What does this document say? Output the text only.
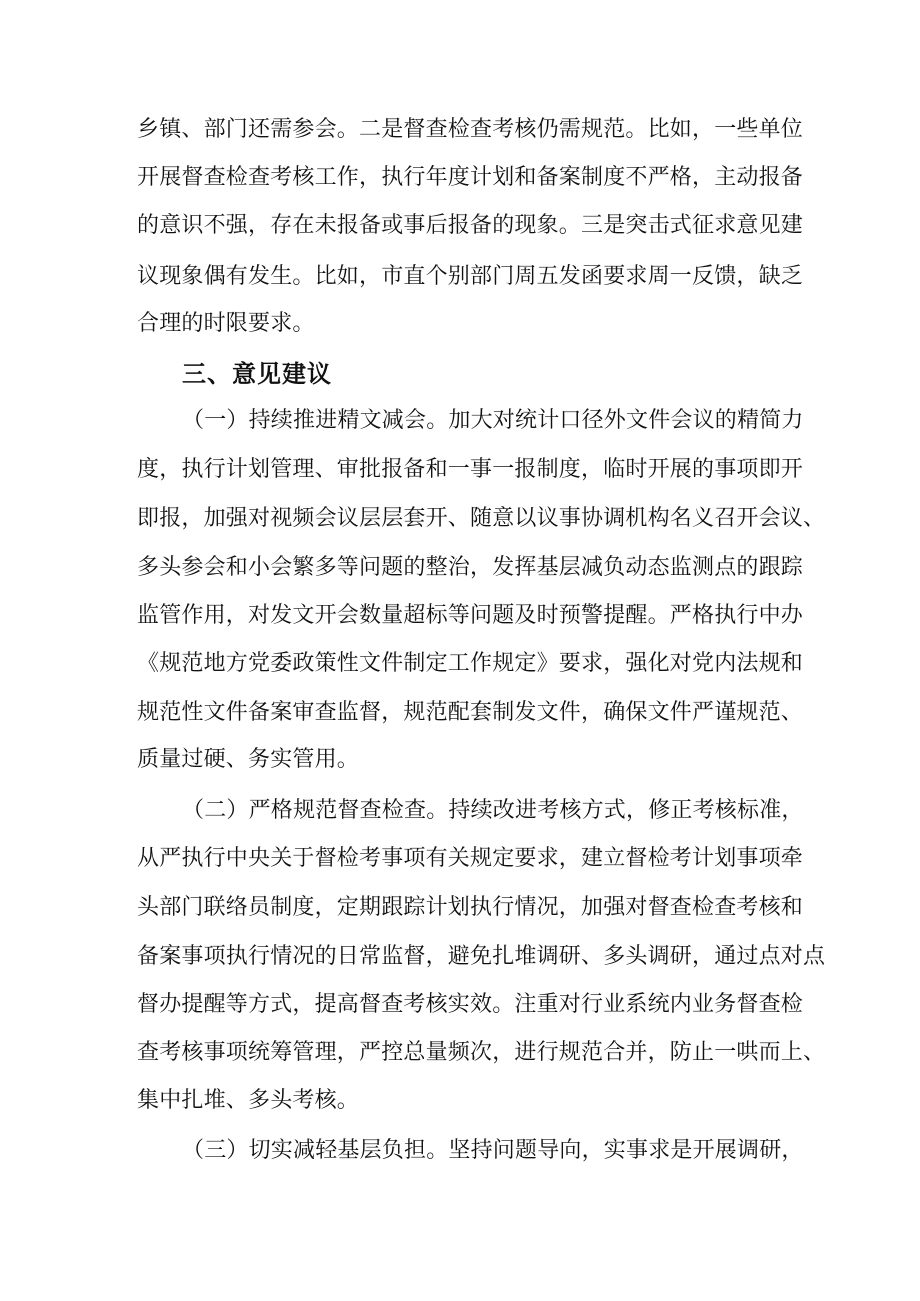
乡镇、部门还需参会。二是督查检查考核仍需规范。比如，一些单位
开展督查检查考核工作，执行年度计划和备案制度不严格，主动报备
的意识不强，存在未报备或事后报备的现象。三是突击式征求意见建
议现象偶有发生。比如，市直个别部门周五发函要求周一反馈，缺乏
合理的时限要求。
三、意见建议
（一）持续推进精文减会。加大对统计口径外文件会议的精简力
度，执行计划管理、审批报备和一事一报制度，临时开展的事项即开
即报，加强对视频会议层层套开、随意以议事协调机构名义召开会议、
多头参会和小会繁多等问题的整治，发挥基层减负动态监测点的跟踪
监管作用，对发文开会数量超标等问题及时预警提醒。严格执行中办
《规范地方党委政策性文件制定工作规定》要求，强化对党内法规和
规范性文件备案审查监督，规范配套制发文件，确保文件严谨规范、
质量过硬、务实管用。
（二）严格规范督查检查。持续改进考核方式，修正考核标准，
从严执行中央关于督检考事项有关规定要求，建立督检考计划事项牵
头部门联络员制度，定期跟踪计划执行情况，加强对督查检查考核和
备案事项执行情况的日常监督，避免扎堆调研、多头调研，通过点对点
督办提醒等方式，提高督查考核实效。注重对行业系统内业务督查检
查考核事项统筹管理，严控总量频次，进行规范合并，防止一哄而上、
集中扎堆、多头考核。
（三）切实减轻基层负担。坚持问题导向，实事求是开展调研，
